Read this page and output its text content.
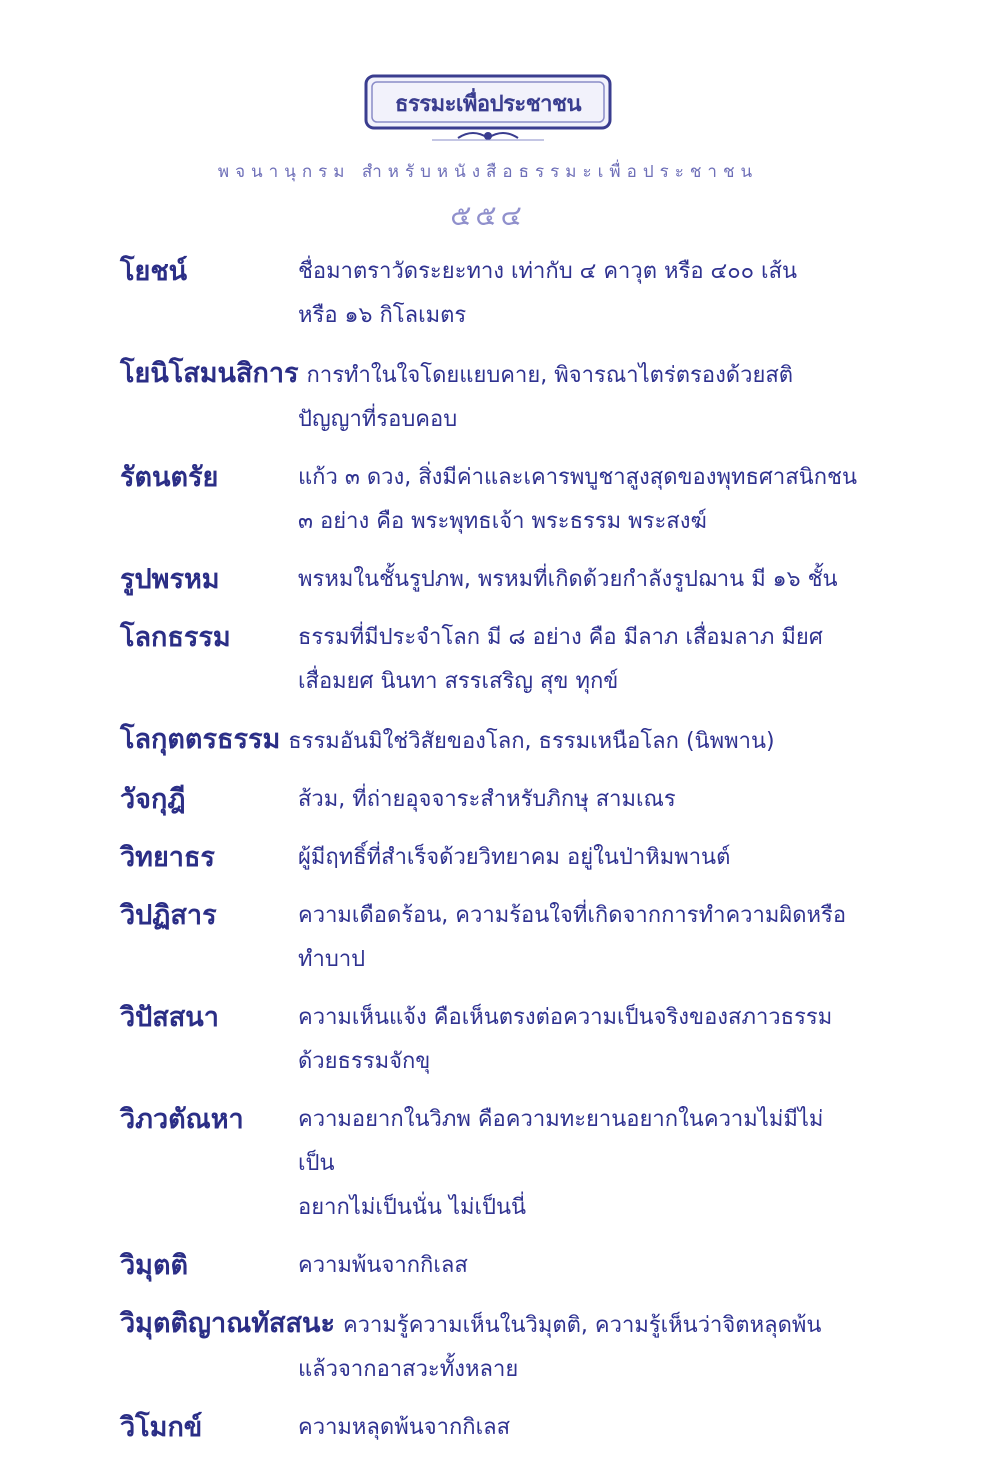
ธรรมะเพื่อประชาชน
พจนานุกรม สำหรับหนังสือธรรมะเพื่อประชาชน
๕๕๔
โยชน์	ชื่อมาตราวัดระยะทาง เท่ากับ ๔ คาวุต หรือ ๔๐๐ เส้น
หรือ ๑๖ กิโลเมตร
โยนิโสมนสิการ การทำในใจโดยแยบคาย, พิจารณาไตร่ตรองด้วยสติ
ปัญญาที่รอบคอบ
รัตนตรัย	แก้ว ๓ ดวง, สิ่งมีค่าและเคารพบูชาสูงสุดของพุทธศาสนิกชน
๓ อย่าง คือ พระพุทธเจ้า พระธรรม พระสงฆ์
รูปพรหม	พรหมในชั้นรูปภพ, พรหมที่เกิดด้วยกำลังรูปฌาน มี ๑๖ ชั้น
โลกธรรม	ธรรมที่มีประจำโลก มี ๘ อย่าง คือ มีลาภ เสื่อมลาภ มียศ
เสื่อมยศ นินทา สรรเสริญ สุข ทุกข์
โลกุตตรธรรม ธรรมอันมิใช่วิสัยของโลก, ธรรมเหนือโลก (นิพพาน)
วัจกุฎี	ส้วม, ที่ถ่ายอุจจาระสำหรับภิกษุ สามเณร
วิทยาธร	ผู้มีฤทธิ์ที่สำเร็จด้วยวิทยาคม อยู่ในป่าหิมพานต์
วิปฏิสาร	ความเดือดร้อน, ความร้อนใจที่เกิดจากการทำความผิดหรือ
ทำบาป
วิปัสสนา	ความเห็นแจ้ง คือเห็นตรงต่อความเป็นจริงของสภาวธรรม
ด้วยธรรมจักขุ
วิภวตัณหา ความอยากในวิภพ คือความทะยานอยากในความไม่มีไม่เป็น
อยากไม่เป็นนั่น ไม่เป็นนี่
วิมุตติ	ความพ้นจากกิเลส
วิมุตติญาณทัสสนะ ความรู้ความเห็นในวิมุตติ, ความรู้เห็นว่าจิตหลุดพ้น
แล้วจากอาสวะทั้งหลาย
วิโมกข์	ความหลุดพ้นจากกิเลส
